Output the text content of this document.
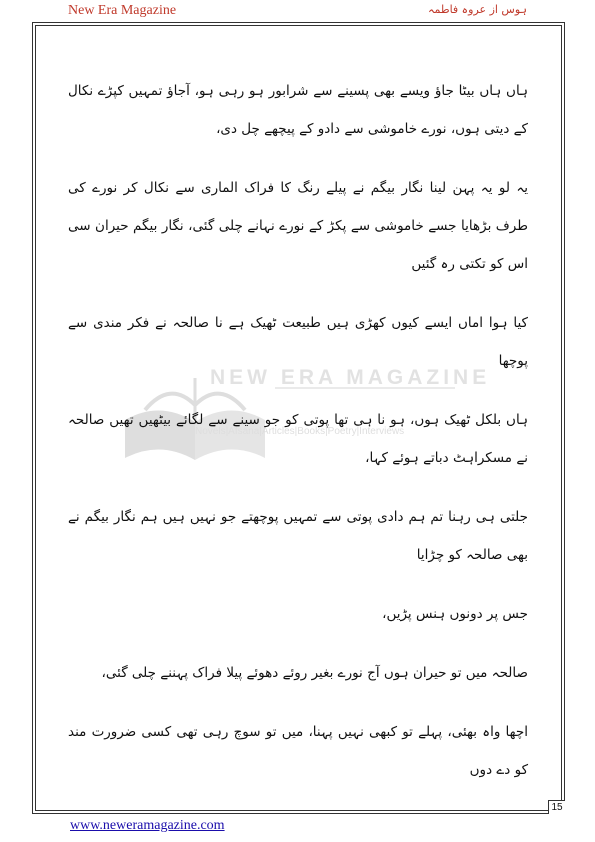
New Era Magazine	ہوس از عروہ فاطمہ
NEW ERA MAGAZINE
Novels|Afsana|Articles|Books|Poetry|Interviews

ہاں ہاں بیٹا جاؤ ویسے بھی پسینے سے شرابور ہو رہی ہو، آجاؤ تمہیں کپڑے نکال کے دیتی ہوں، نورے خاموشی سے دادو کے پیچھے چل دی،

یہ لو یہ پہن لینا نگار بیگم نے پیلے رنگ کا فراک الماری سے نکال کر نورے کی طرف بڑھایا جسے خاموشی سے پکڑ کے نورے نہانے چلی گئی، نگار بیگم حیران سی اس کو تکتی رہ گئیں

کیا ہوا اماں ایسے کیوں کھڑی ہیں طبیعت ٹھیک ہے نا صالحہ نے فکر مندی سے پوچھا

ہاں بلکل ٹھیک ہوں، ہو نا ہی تھا پوتی کو جو سینے سے لگائے بیٹھیں تھیں صالحہ نے مسکراہٹ دباتے ہوئے کہا،

جلتی ہی رہنا تم ہم دادی پوتی سے تمہیں پوچھتے جو نہیں ہیں ہم نگار بیگم نے بھی صالحہ کو چڑایا

جس پر دونوں ہنس پڑیں،

صالحہ میں تو حیران ہوں آج نورے بغیر روئے دھوئے پیلا فراک پہننے چلی گئی،

اچھا واہ بھئی، پہلے تو کبھی نہیں پہنا، میں تو سوچ رہی تھی کسی ضرورت مند کو دے دوں

15
www.neweramagazine.com
